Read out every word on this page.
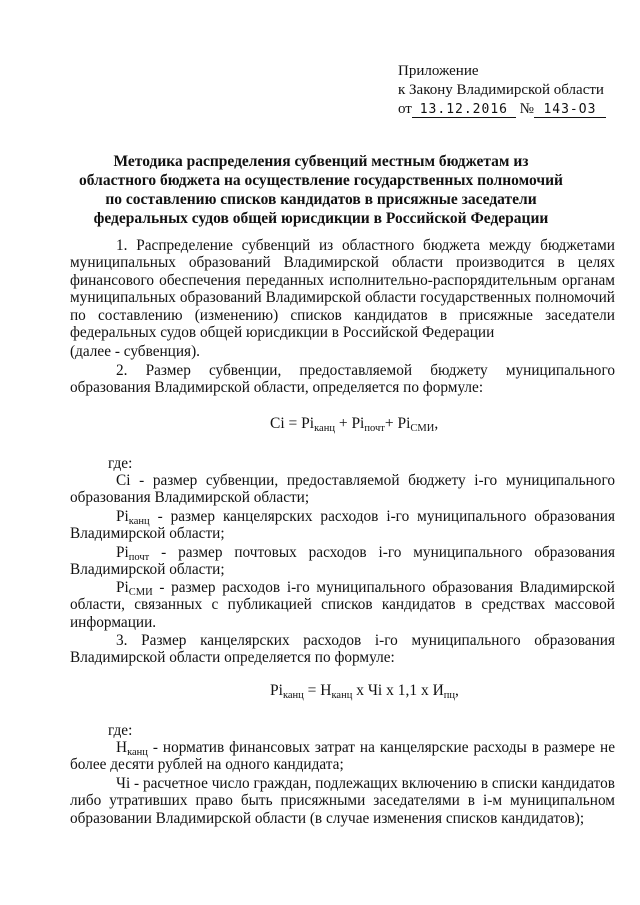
Приложение
к Закону Владимирской области
от 13.12.2016 № 143-ОЗ
Методика распределения субвенций местным бюджетам из областного бюджета на осуществление государственных полномочий по составлению списков кандидатов в присяжные заседатели федеральных судов общей юрисдикции в Российской Федерации
1. Распределение субвенций из областного бюджета между бюджетами муниципальных образований Владимирской области производится в целях финансового обеспечения переданных исполнительно-распорядительным органам муниципальных образований Владимирской области государственных полномочий по составлению (изменению) списков кандидатов в присяжные заседатели федеральных судов общей юрисдикции в Российской Федерации
(далее - субвенция).
2. Размер субвенции, предоставляемой бюджету муниципального образования Владимирской области, определяется по формуле:
$Ci = Pi_{канц} + Pi_{почт}+ Pi_{СМИ}$,
где:
Ci - размер субвенции, предоставляемой бюджету i-го муниципального образования Владимирской области;
$Pi_{канц}$ - размер канцелярских расходов i-го муниципального образования Владимирской области;
$Pi_{почт}$ - размер почтовых расходов i-го муниципального образования Владимирской области;
$Pi_{СМИ}$ - размер расходов i-го муниципального образования Владимирской области, связанных с публикацией списков кандидатов в средствах массовой информации.
3. Размер канцелярских расходов i-го муниципального образования Владимирской области определяется по формуле:
$Pi_{канц} = Н_{канц}$ х Чi х 1,1 х $И_{пц}$,
где:
$Н_{канц}$ - норматив финансовых затрат на канцелярские расходы в размере не более десяти рублей на одного кандидата;
Чi - расчетное число граждан, подлежащих включению в списки кандидатов либо утративших право быть присяжными заседателями в i-м муниципальном образовании Владимирской области (в случае изменения списков кандидатов);
